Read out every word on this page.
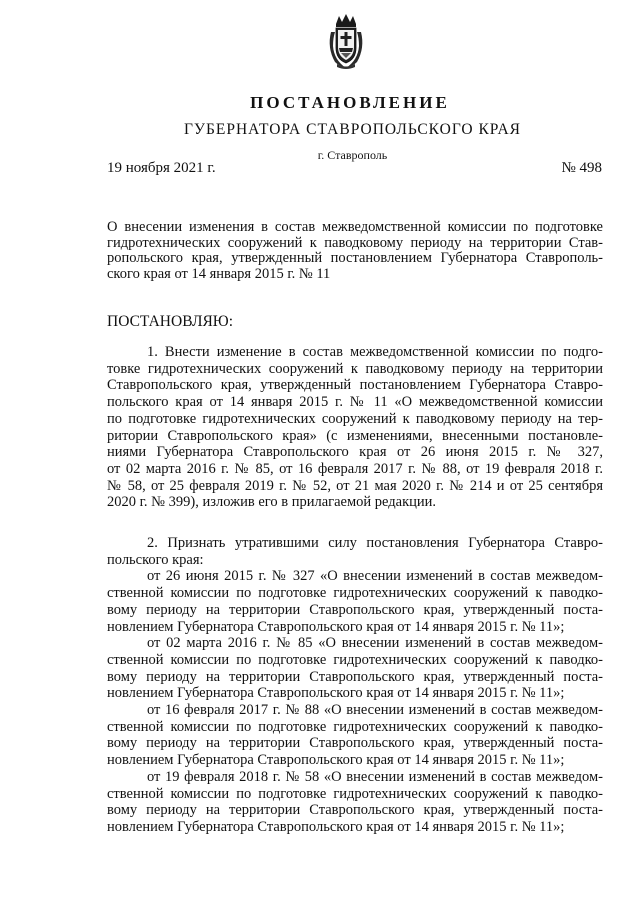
ПОСТАНОВЛЕНИЕ
ГУБЕРНАТОРА СТАВРОПОЛЬСКОГО КРАЯ
г. Ставрополь
19 ноября 2021 г.	№ 498
О внесении изменения в состав межведомственной комиссии по подготовке
гидротехнических сооружений к паводковому периоду на территории Став-
ропольского края, утвержденный постановлением Губернатора Ставрополь-
ского края от 14 января 2015 г. № 11
ПОСТАНОВЛЯЮ:
1. Внести изменение в состав межведомственной комиссии по подго-
товке гидротехнических сооружений к паводковому периоду на территории
Ставропольского края, утвержденный постановлением Губернатора Ставро-
польского края от 14 января 2015 г. № 11 «О межведомственной комиссии
по подготовке гидротехнических сооружений к паводковому периоду на тер-
ритории Ставропольского края» (с изменениями, внесенными постановле-
ниями Губернатора Ставропольского края от 26 июня 2015 г. № 327,
от 02 марта 2016 г. № 85, от 16 февраля 2017 г. № 88, от 19 февраля 2018 г.
№ 58, от 25 февраля 2019 г. № 52, от 21 мая 2020 г. № 214 и от 25 сентября
2020 г. № 399), изложив его в прилагаемой редакции.
2. Признать утратившими силу постановления Губернатора Ставро-
польского края:
от 26 июня 2015 г. № 327 «О внесении изменений в состав межведом-
ственной комиссии по подготовке гидротехнических сооружений к паводко-
вому периоду на территории Ставропольского края, утвержденный поста-
новлением Губернатора Ставропольского края от 14 января 2015 г. № 11»;
от 02 марта 2016 г. № 85 «О внесении изменений в состав межведом-
ственной комиссии по подготовке гидротехнических сооружений к паводко-
вому периоду на территории Ставропольского края, утвержденный поста-
новлением Губернатора Ставропольского края от 14 января 2015 г. № 11»;
от 16 февраля 2017 г. № 88 «О внесении изменений в состав межведом-
ственной комиссии по подготовке гидротехнических сооружений к паводко-
вому периоду на территории Ставропольского края, утвержденный поста-
новлением Губернатора Ставропольского края от 14 января 2015 г. № 11»;
от 19 февраля 2018 г. № 58 «О внесении изменений в состав межведом-
ственной комиссии по подготовке гидротехнических сооружений к паводко-
вому периоду на территории Ставропольского края, утвержденный поста-
новлением Губернатора Ставропольского края от 14 января 2015 г. № 11»;
